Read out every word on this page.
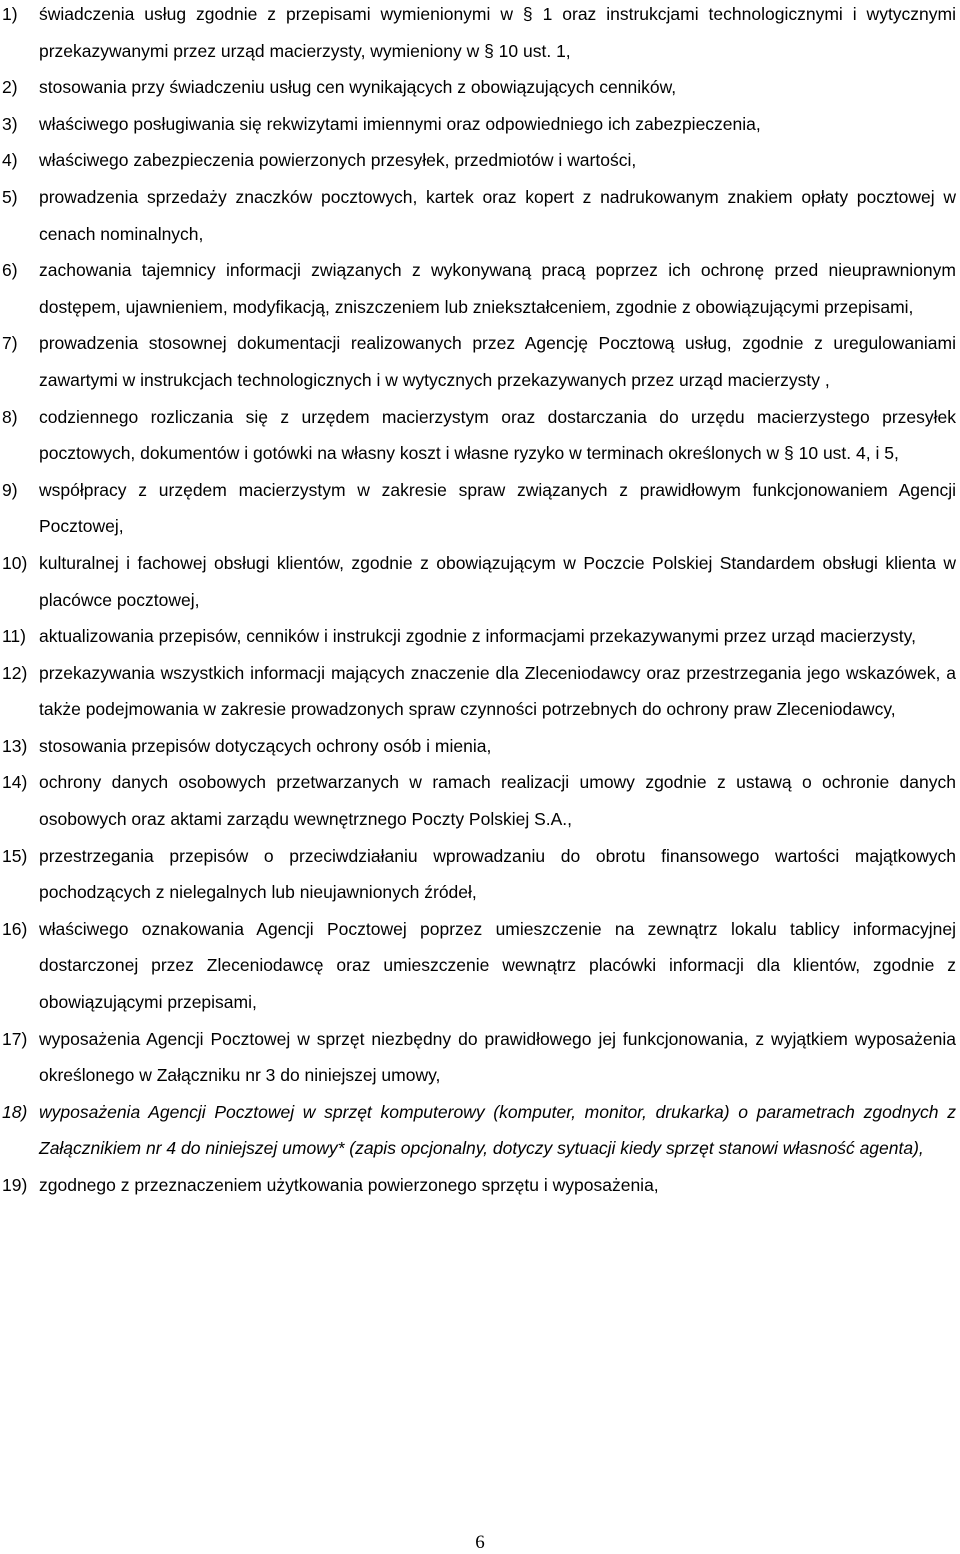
1)	świadczenia usług zgodnie z przepisami wymienionymi w § 1 oraz instrukcjami technologicznymi i wytycznymi przekazywanymi przez urząd macierzysty, wymieniony w § 10 ust. 1,
2)	stosowania przy świadczeniu usług cen wynikających z obowiązujących cenników,
3)	właściwego posługiwania się rekwizytami imiennymi oraz odpowiedniego ich zabezpieczenia,
4)	właściwego zabezpieczenia powierzonych przesyłek, przedmiotów i wartości,
5)	prowadzenia sprzedaży znaczków pocztowych, kartek oraz kopert z nadrukowanym znakiem opłaty pocztowej w cenach nominalnych,
6)	zachowania tajemnicy informacji związanych z wykonywaną pracą poprzez ich ochronę przed nieuprawnionym dostępem, ujawnieniem, modyfikacją, zniszczeniem lub zniekształceniem, zgodnie z obowiązującymi przepisami,
7)	prowadzenia stosownej dokumentacji realizowanych przez Agencję Pocztową usług, zgodnie z uregulowaniami zawartymi w instrukcjach technologicznych i w wytycznych przekazywanych przez urząd macierzysty ,
8)	codziennego rozliczania się z urzędem macierzystym oraz dostarczania do urzędu macierzystego przesyłek pocztowych, dokumentów i gotówki na własny koszt i własne ryzyko w terminach określonych w § 10 ust. 4, i 5,
9)	współpracy z urzędem macierzystym w zakresie spraw związanych z prawidłowym funkcjonowaniem Agencji Pocztowej,
10) kulturalnej i fachowej obsługi klientów, zgodnie z obowiązującym w Poczcie Polskiej Standardem obsługi klienta w placówce pocztowej,
11) aktualizowania przepisów, cenników i instrukcji zgodnie z informacjami przekazywanymi przez urząd macierzysty,
12) przekazywania wszystkich informacji mających znaczenie dla Zleceniodawcy oraz przestrzegania jego wskazówek, a także podejmowania w zakresie prowadzonych spraw czynności potrzebnych do ochrony praw Zleceniodawcy,
13) stosowania przepisów dotyczących ochrony osób i mienia,
14) ochrony danych osobowych przetwarzanych w ramach realizacji umowy zgodnie z ustawą o ochronie danych osobowych oraz aktami zarządu wewnętrznego Poczty Polskiej S.A.,
15) przestrzegania przepisów o przeciwdziałaniu wprowadzaniu do obrotu finansowego wartości majątkowych pochodzących z nielegalnych lub nieujawnionych źródeł,
16) właściwego oznakowania Agencji Pocztowej poprzez umieszczenie na zewnątrz lokalu tablicy informacyjnej dostarczonej przez Zleceniodawcę oraz umieszczenie wewnątrz placówki informacji dla klientów, zgodnie z obowiązującymi przepisami,
17) wyposażenia Agencji Pocztowej w sprzęt niezbędny do prawidłowego jej funkcjonowania, z wyjątkiem wyposażenia określonego w Załączniku nr 3 do niniejszej umowy,
18) wyposażenia Agencji Pocztowej w sprzęt komputerowy (komputer, monitor, drukarka) o parametrach zgodnych z Załącznikiem nr 4 do niniejszej umowy* (zapis opcjonalny, dotyczy sytuacji kiedy sprzęt stanowi własność agenta),
19) zgodnego z przeznaczeniem użytkowania powierzonego sprzętu i wyposażenia,
6
